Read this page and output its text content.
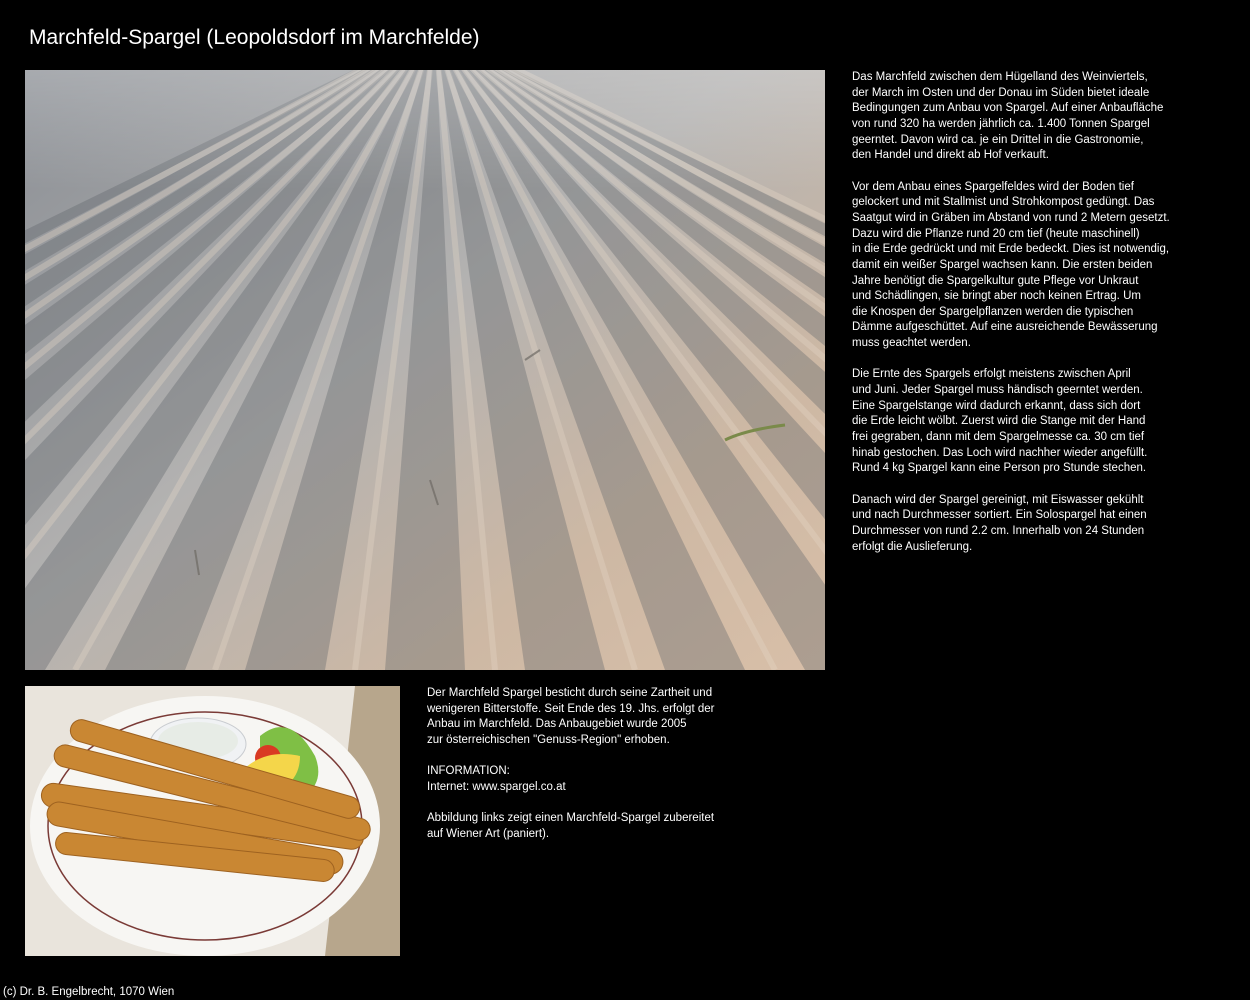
Marchfeld-Spargel (Leopoldsdorf im Marchfelde)

Das Marchfeld zwischen dem Hügelland des Weinviertels,
der March im Osten und der Donau im Süden bietet ideale
Bedingungen zum Anbau von Spargel. Auf einer Anbaufläche
von rund 320 ha werden jährlich ca. 1.400 Tonnen Spargel
geerntet. Davon wird ca. je ein Drittel in die Gastronomie,
den Handel und direkt ab Hof verkauft.

Vor dem Anbau eines Spargelfeldes wird der Boden tief
gelockert und mit Stallmist und Strohkompost gedüngt. Das
Saatgut wird in Gräben im Abstand von rund 2 Metern gesetzt.
Dazu wird die Pflanze rund 20 cm tief (heute maschinell)
in die Erde gedrückt und mit Erde bedeckt. Dies ist notwendig,
damit ein weißer Spargel wachsen kann. Die ersten beiden
Jahre benötigt die Spargelkultur gute Pflege vor Unkraut
und Schädlingen, sie bringt aber noch keinen Ertrag. Um
die Knospen der Spargelpflanzen werden die typischen
Dämme aufgeschüttet. Auf eine ausreichende Bewässerung
muss geachtet werden.

Die Ernte des Spargels erfolgt meistens zwischen April
und Juni. Jeder Spargel muss händisch geerntet werden.
Eine Spargelstange wird dadurch erkannt, dass sich dort
die Erde leicht wölbt. Zuerst wird die Stange mit der Hand
frei gegraben, dann mit dem Spargelmesse ca. 30 cm tief
hinab gestochen. Das Loch wird nachher wieder angefüllt.
Rund 4 kg Spargel kann eine Person pro Stunde stechen.

Danach wird der Spargel gereinigt, mit Eiswasser gekühlt
und nach Durchmesser sortiert. Ein Solospargel hat einen
Durchmesser von rund 2.2 cm. Innerhalb von 24 Stunden
erfolgt die Auslieferung.

Der Marchfeld Spargel besticht durch seine Zartheit und
wenigeren Bitterstoffe. Seit Ende des 19. Jhs. erfolgt der
Anbau im Marchfeld. Das Anbaugebiet wurde 2005
zur österreichischen "Genuss-Region" erhoben.

INFORMATION:
Internet: www.spargel.co.at

Abbildung links zeigt einen Marchfeld-Spargel zubereitet
auf Wiener Art (paniert).

(c) Dr. B. Engelbrecht, 1070 Wien
